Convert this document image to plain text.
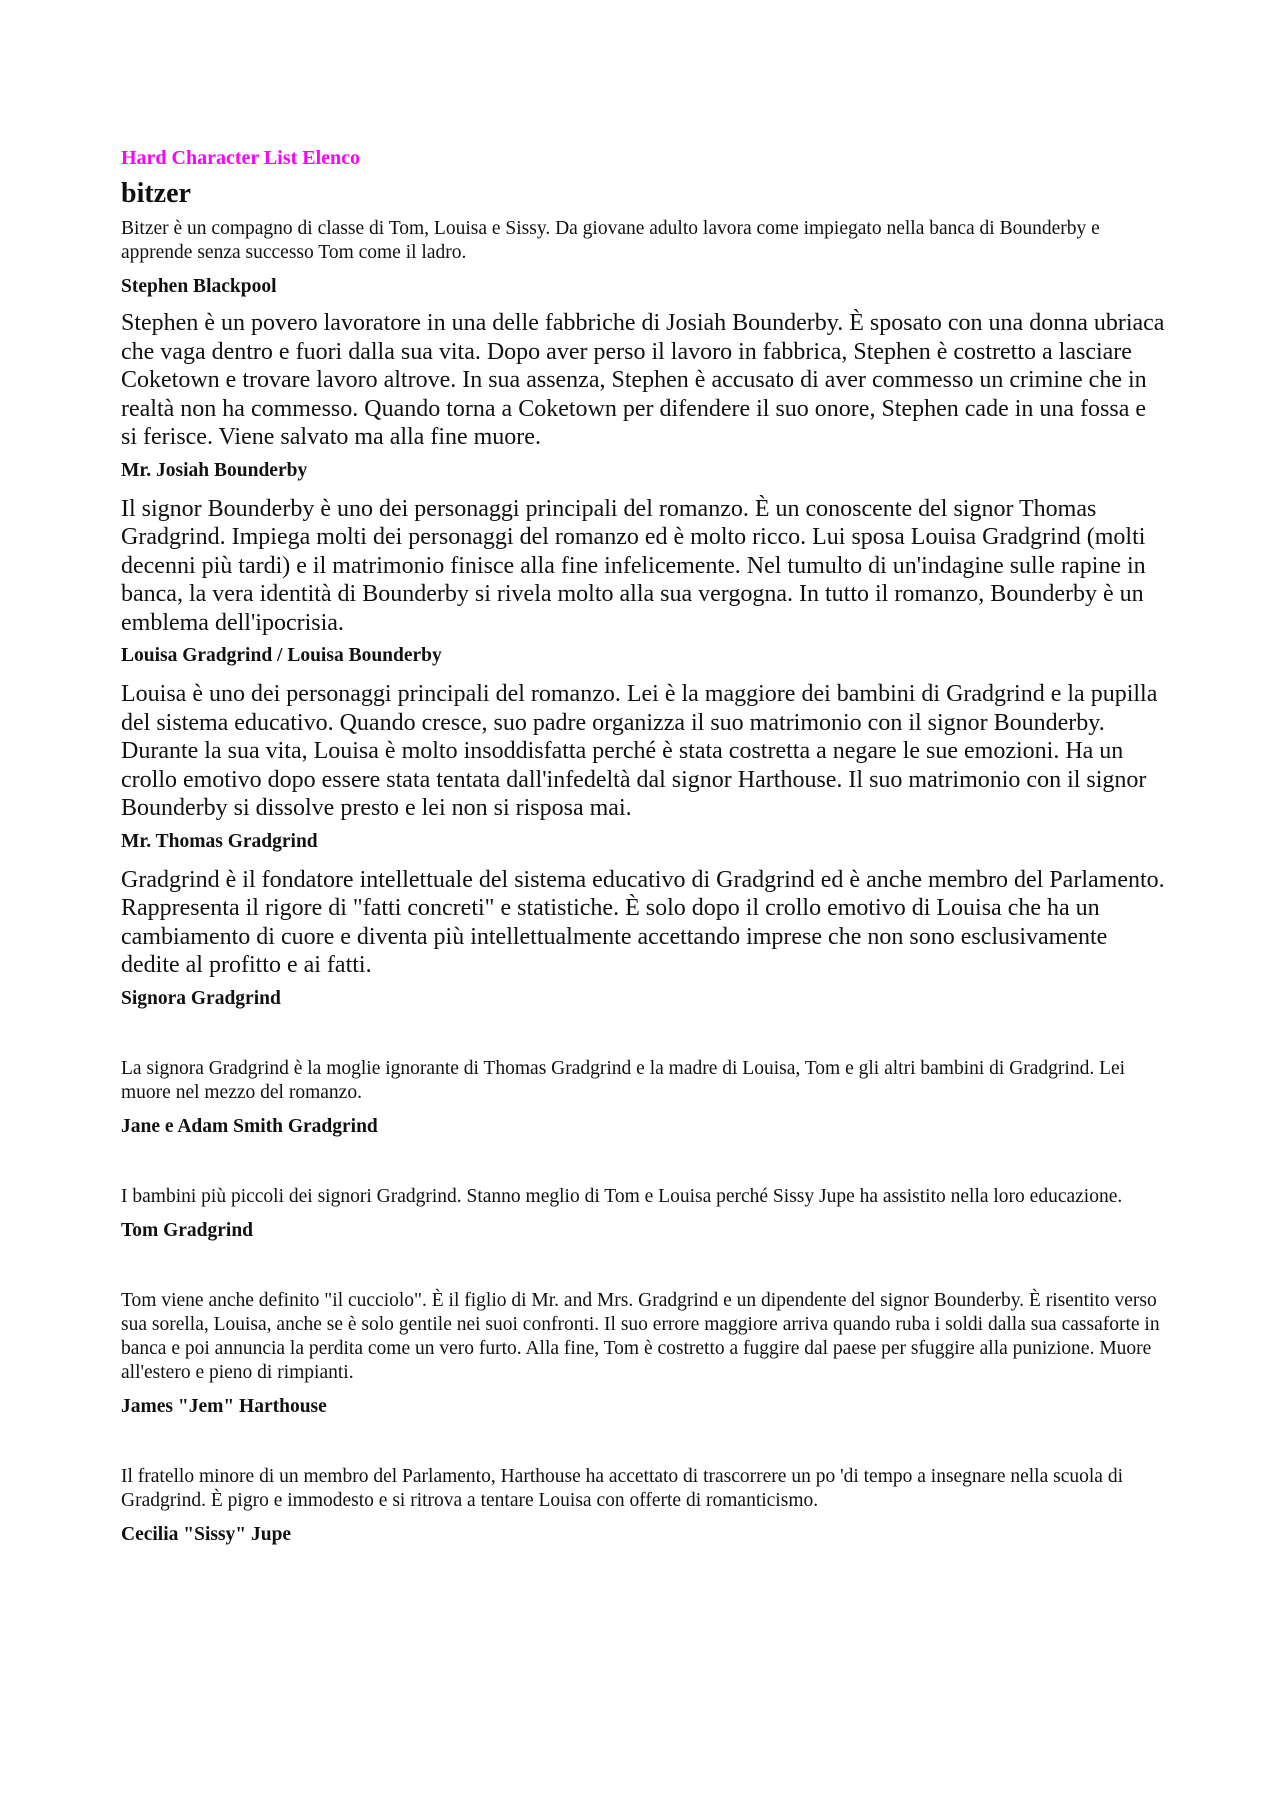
Hard Character List Elenco

bitzer

Bitzer è un compagno di classe di Tom, Louisa e Sissy. Da giovane adulto lavora come impiegato nella banca di Bounderby e apprende senza successo Tom come il ladro.

Stephen Blackpool

Stephen è un povero lavoratore in una delle fabbriche di Josiah Bounderby. È sposato con una donna ubriaca che vaga dentro e fuori dalla sua vita. Dopo aver perso il lavoro in fabbrica, Stephen è costretto a lasciare Coketown e trovare lavoro altrove. In sua assenza, Stephen è accusato di aver commesso un crimine che in realtà non ha commesso. Quando torna a Coketown per difendere il suo onore, Stephen cade in una fossa e si ferisce. Viene salvato ma alla fine muore.

Mr. Josiah Bounderby

Il signor Bounderby è uno dei personaggi principali del romanzo. È un conoscente del signor Thomas Gradgrind. Impiega molti dei personaggi del romanzo ed è molto ricco. Lui sposa Louisa Gradgrind (molti decenni più tardi) e il matrimonio finisce alla fine infelicemente. Nel tumulto di un'indagine sulle rapine in banca, la vera identità di Bounderby si rivela molto alla sua vergogna. In tutto il romanzo, Bounderby è un emblema dell'ipocrisia.

Louisa Gradgrind / Louisa Bounderby

Louisa è uno dei personaggi principali del romanzo. Lei è la maggiore dei bambini di Gradgrind e la pupilla del sistema educativo. Quando cresce, suo padre organizza il suo matrimonio con il signor Bounderby. Durante la sua vita, Louisa è molto insoddisfatta perché è stata costretta a negare le sue emozioni. Ha un crollo emotivo dopo essere stata tentata dall'infedeltà dal signor Harthouse. Il suo matrimonio con il signor Bounderby si dissolve presto e lei non si risposa mai.

Mr. Thomas Gradgrind

Gradgrind è il fondatore intellettuale del sistema educativo di Gradgrind ed è anche membro del Parlamento. Rappresenta il rigore di "fatti concreti" e statistiche. È solo dopo il crollo emotivo di Louisa che ha un cambiamento di cuore e diventa più intellettualmente accettando imprese che non sono esclusivamente dedite al profitto e ai fatti.

Signora Gradgrind

La signora Gradgrind è la moglie ignorante di Thomas Gradgrind e la madre di Louisa, Tom e gli altri bambini di Gradgrind. Lei muore nel mezzo del romanzo.

Jane e Adam Smith Gradgrind

I bambini più piccoli dei signori Gradgrind. Stanno meglio di Tom e Louisa perché Sissy Jupe ha assistito nella loro educazione.

Tom Gradgrind

Tom viene anche definito "il cucciolo". È il figlio di Mr. and Mrs. Gradgrind e un dipendente del signor Bounderby. È risentito verso sua sorella, Louisa, anche se è solo gentile nei suoi confronti. Il suo errore maggiore arriva quando ruba i soldi dalla sua cassaforte in banca e poi annuncia la perdita come un vero furto. Alla fine, Tom è costretto a fuggire dal paese per sfuggire alla punizione. Muore all'estero e pieno di rimpianti.

James "Jem" Harthouse

Il fratello minore di un membro del Parlamento, Harthouse ha accettato di trascorrere un po 'di tempo a insegnare nella scuola di Gradgrind. È pigro e immodesto e si ritrova a tentare Louisa con offerte di romanticismo.

Cecilia "Sissy" Jupe
